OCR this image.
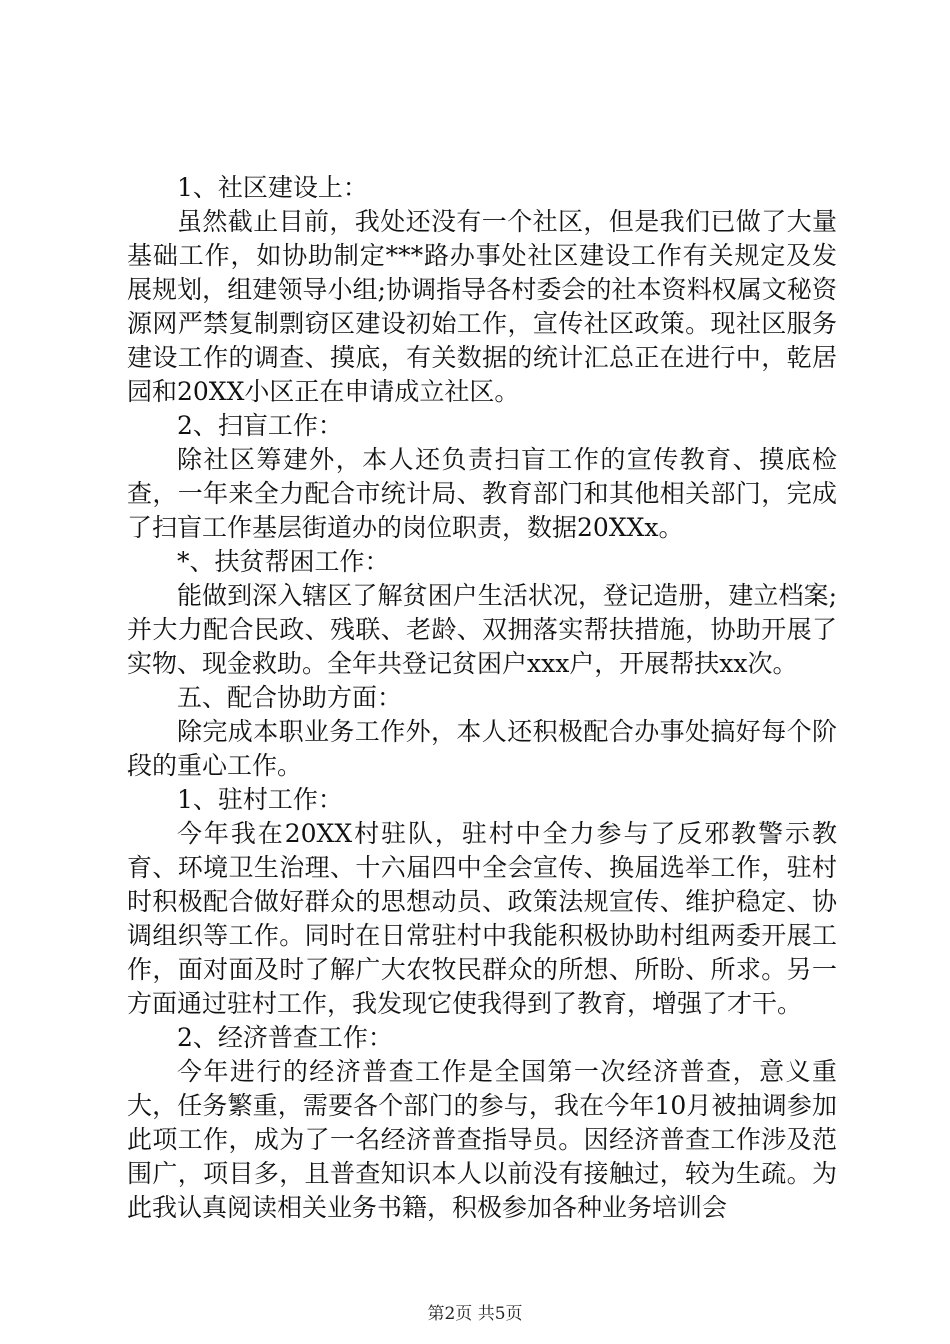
1、社区建设上：

虽然截止目前，我处还没有一个社区，但是我们已做了大量基础工作，如协助制定***路办事处社区建设工作有关规定及发展规划，组建领导小组;协调指导各村委会的社本资料权属文秘资源网严禁复制剽窃区建设初始工作，宣传社区政策。现社区服务建设工作的调查、摸底，有关数据的统计汇总正在进行中，乾居园和20XX小区正在申请成立社区。

2、扫盲工作：

除社区筹建外，本人还负责扫盲工作的宣传教育、摸底检查，一年来全力配合市统计局、教育部门和其他相关部门，完成了扫盲工作基层街道办的岗位职责，数据20XXx。

*、扶贫帮困工作：

能做到深入辖区了解贫困户生活状况，登记造册，建立档案;并大力配合民政、残联、老龄、双拥落实帮扶措施，协助开展了实物、现金救助。全年共登记贫困户xxx户，开展帮扶xx次。

五、配合协助方面：

除完成本职业务工作外，本人还积极配合办事处搞好每个阶段的重心工作。

1、驻村工作：

今年我在20XX村驻队，驻村中全力参与了反邪教警示教育、环境卫生治理、十六届四中全会宣传、换届选举工作，驻村时积极配合做好群众的思想动员、政策法规宣传、维护稳定、协调组织等工作。同时在日常驻村中我能积极协助村组两委开展工作，面对面及时了解广大农牧民群众的所想、所盼、所求。另一方面通过驻村工作，我发现它使我得到了教育，增强了才干。

2、经济普查工作：

今年进行的经济普查工作是全国第一次经济普查，意义重大，任务繁重，需要各个部门的参与，我在今年10月被抽调参加此项工作，成为了一名经济普查指导员。因经济普查工作涉及范围广，项目多，且普查知识本人以前没有接触过，较为生疏。为此我认真阅读相关业务书籍，积极参加各种业务培训会

第2页 共5页
